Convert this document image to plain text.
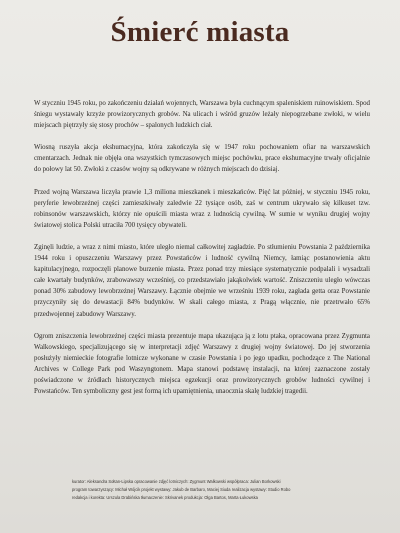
Śmierć miasta

W styczniu 1945 roku, po zakończeniu działań wojennych, Warszawa była cuchnącym spaleniskiem ruinowiskiem. Spod śniegu wystawały krzyże prowizorycznych grobów. Na ulicach i wśród gruzów leżały niepogrzebane zwłoki, w wielu miejscach piętrzyły się stosy prochów – spalonych ludzkich ciał.

Wiosną ruszyła akcja ekshumacyjna, która zakończyła się w 1947 roku pochowaniem ofiar na warszawskich cmentarzach. Jednak nie objęła ona wszystkich tymczasowych miejsc pochówku, prace ekshumacyjne trwały oficjalnie do połowy lat 50. Zwłoki z czasów wojny są odkrywane w różnych miejscach do dzisiaj.

Przed wojną Warszawa liczyła prawie 1,3 miliona mieszkanek i mieszkańców. Pięć lat później, w styczniu 1945 roku, peryferie lewobrzeżnej części zamieszkiwały zaledwie 22 tysiące osób, zaś w centrum ukrywało się kilkuset tzw. robinsonów warszawskich, którzy nie opuścili miasta wraz z ludnością cywilną. W sumie w wyniku drugiej wojny światowej stolica Polski utraciła 700 tysięcy obywateli.

Zginęli ludzie, a wraz z nimi miasto, które uległo niemal całkowitej zagładzie. Po stłumieniu Powstania 2 października 1944 roku i opuszczeniu Warszawy przez Powstańców i ludność cywilną Niemcy, łamiąc postanowienia aktu kapitulacyjnego, rozpoczęli planowe burzenie miasta. Przez ponad trzy miesiące systematycznie podpalali i wysadzali całe kwartały budynków, zrabowawszy wcześniej, co przedstawiało jakąkolwiek wartość. Zniszczeniu uległo wówczas ponad 30% zabudowy lewobrzeżnej Warszawy. Łącznie obejmie we wrześniu 1939 roku, zagłada getta oraz Powstanie przyczyniły się do dewastacji 84% budynków. W skali całego miasta, z Pragą włącznie, nie przetrwało 65% przedwojennej zabudowy Warszawy.

Ogrom zniszczenia lewobrzeżnej części miasta prezentuje mapa ukazująca ją z lotu ptaka, opracowana przez Zygmunta Walkowskiego, specjalizującego się w interpretacji zdjęć Warszawy z drugiej wojny światowej. Do jej stworzenia posłużyły niemieckie fotografie lotnicze wykonane w czasie Powstania i po jego upadku, pochodzące z The National Archives w College Park pod Waszyngtonem. Mapa stanowi podstawę instalacji, na której zaznaczone zostały poświadczone w źródłach historycznych miejsca egzekucji oraz prowizorycznych grobów ludności cywilnej i Powstańców. Ten symboliczny gest jest formą ich upamiętnienia, unaocznia skalę ludzkiej tragedii.

kurator: Aleksandra Sołtan-Lipska opracowanie zdjęć lotniczych: Zygmunt Walkowski współpraca: Julian Borkowski
program towarzyszący: Michał Wójcik projekt wystawy: Jakub de Barbaro, Maciej Siuda realizacja wystawy: Studio Robo
redakcja i korekta: Urszula Drabińska tłumaczenie: Skrivanek produkcja: Olga Bartos, Marta Łukowska
